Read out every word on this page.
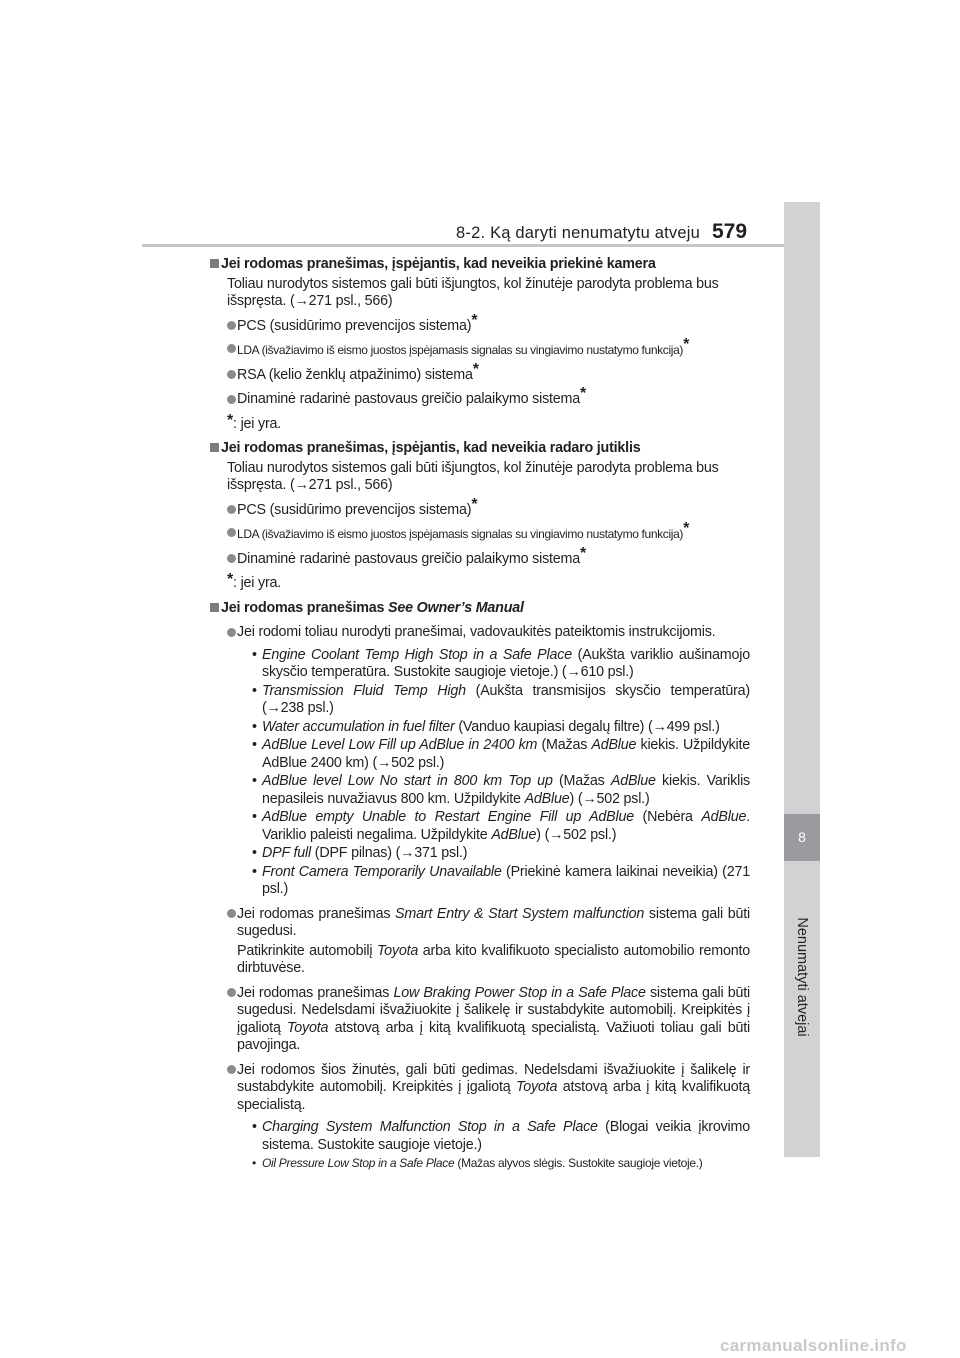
8-2. Ką daryti nenumatytu atveju 579
8
Nenumatyti atvejai
Jei rodomas pranešimas, įspėjantis, kad neveikia priekinė kamera
Toliau nurodytos sistemos gali būti išjungtos, kol žinutėje parodyta problema bus išspręsta. (→271 psl., 566)
PCS (susidūrimo prevencijos sistema)*
LDA (išvažiavimo iš eismo juostos įspėjamasis signalas su vingiavimo nustatymo funkcija)*
RSA (kelio ženklų atpažinimo) sistema*
Dinaminė radarinė pastovaus greičio palaikymo sistema*
*: jei yra.
Jei rodomas pranešimas, įspėjantis, kad neveikia radaro jutiklis
Toliau nurodytos sistemos gali būti išjungtos, kol žinutėje parodyta problema bus išspręsta. (→271 psl., 566)
PCS (susidūrimo prevencijos sistema)*
LDA (išvažiavimo iš eismo juostos įspėjamasis signalas su vingiavimo nustatymo funkcija)*
Dinaminė radarinė pastovaus greičio palaikymo sistema*
*: jei yra.
Jei rodomas pranešimas See Owner’s Manual
Jei rodomi toliau nurodyti pranešimai, vadovaukitės pateiktomis instrukcijomis.
• Engine Coolant Temp High Stop in a Safe Place (Aukšta variklio aušinamojo skysčio temperatūra. Sustokite saugioje vietoje.) (→610 psl.)
• Transmission Fluid Temp High (Aukšta transmisijos skysčio temperatūra) (→238 psl.)
• Water accumulation in fuel filter (Vanduo kaupiasi degalų filtre) (→499 psl.)
• AdBlue Level Low Fill up AdBlue in 2400 km (Mažas AdBlue kiekis. Užpildykite AdBlue 2400 km) (→502 psl.)
• AdBlue level Low No start in 800 km Top up (Mažas AdBlue kiekis. Variklis nepasileis nuvažiavus 800 km. Užpildykite AdBlue) (→502 psl.)
• AdBlue empty Unable to Restart Engine Fill up AdBlue (Nebėra AdBlue. Variklio paleisti negalima. Užpildykite AdBlue) (→502 psl.)
• DPF full (DPF pilnas) (→371 psl.)
• Front Camera Temporarily Unavailable (Priekinė kamera laikinai neveikia) (271 psl.)
Jei rodomas pranešimas Smart Entry & Start System malfunction sistema gali būti sugedusi.
Patikrinkite automobilį Toyota arba kito kvalifikuoto specialisto automobilio remonto dirbtuvėse.
Jei rodomas pranešimas Low Braking Power Stop in a Safe Place sistema gali būti sugedusi. Nedelsdami išvažiuokite į šalikelę ir sustabdykite automobilį. Kreipkitės į įgaliotą Toyota atstovą arba į kitą kvalifikuotą specialistą. Važiuoti toliau gali būti pavojinga.
Jei rodomos šios žinutės, gali būti gedimas. Nedelsdami išvažiuokite į šalikelę ir sustabdykite automobilį. Kreipkitės į įgaliotą Toyota atstovą arba į kitą kvalifikuotą specialistą.
• Charging System Malfunction Stop in a Safe Place (Blogai veikia įkrovimo sistema. Sustokite saugioje vietoje.)
• Oil Pressure Low Stop in a Safe Place (Mažas alyvos slėgis. Sustokite saugioje vietoje.)
carmanualsonline.info
